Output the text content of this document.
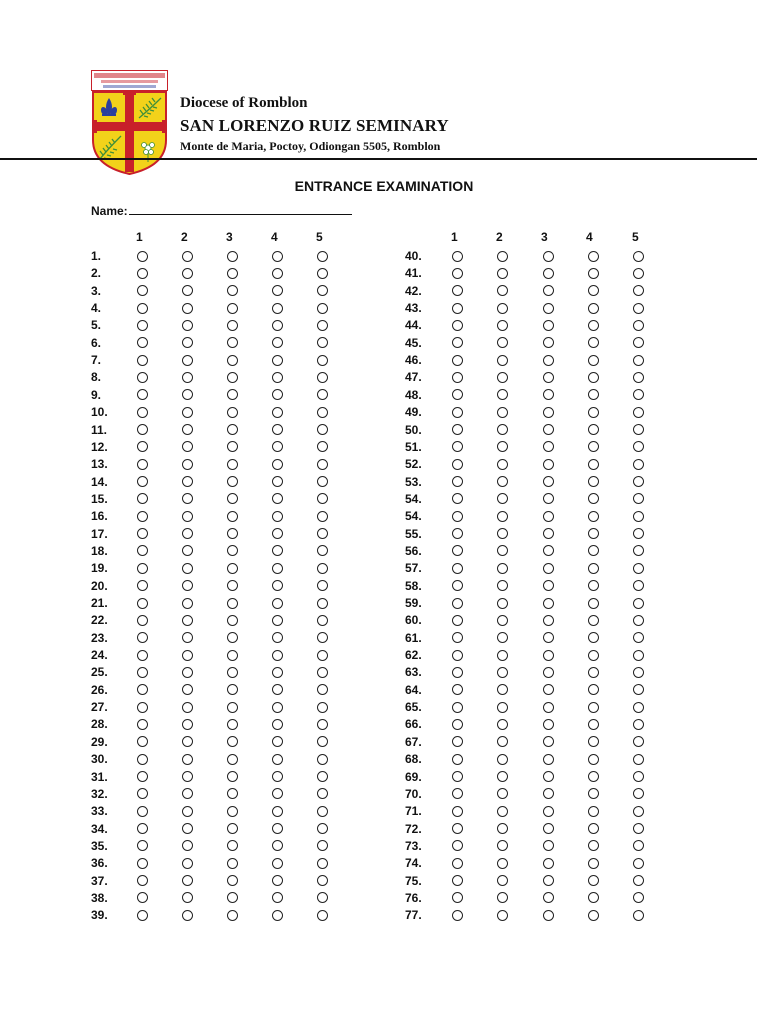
Diocese of Romblon
SAN LORENZO RUIZ SEMINARY
Monte de Maria, Poctoy, Odiongan 5505, Romblon
ENTRANCE EXAMINATION
Name:
1	2	3	4	5
1.
2.
3.
4.
5.
6.
7.
8.
9.
10.
11.
12.
13.
14.
15.
16.
17.
18.
19.
20.
21.
22.
23.
24.
25.
26.
27.
28.
29.
30.
31.
32.
33.
34.
35.
36.
37.
38.
39.
1	2	3	4	5
40.
41.
42.
43.
44.
45.
46.
47.
48.
49.
50.
51.
52.
53.
54.
54.
55.
56.
57.
58.
59.
60.
61.
62.
63.
64.
65.
66.
67.
68.
69.
70.
71.
72.
73.
74.
75.
76.
77.
